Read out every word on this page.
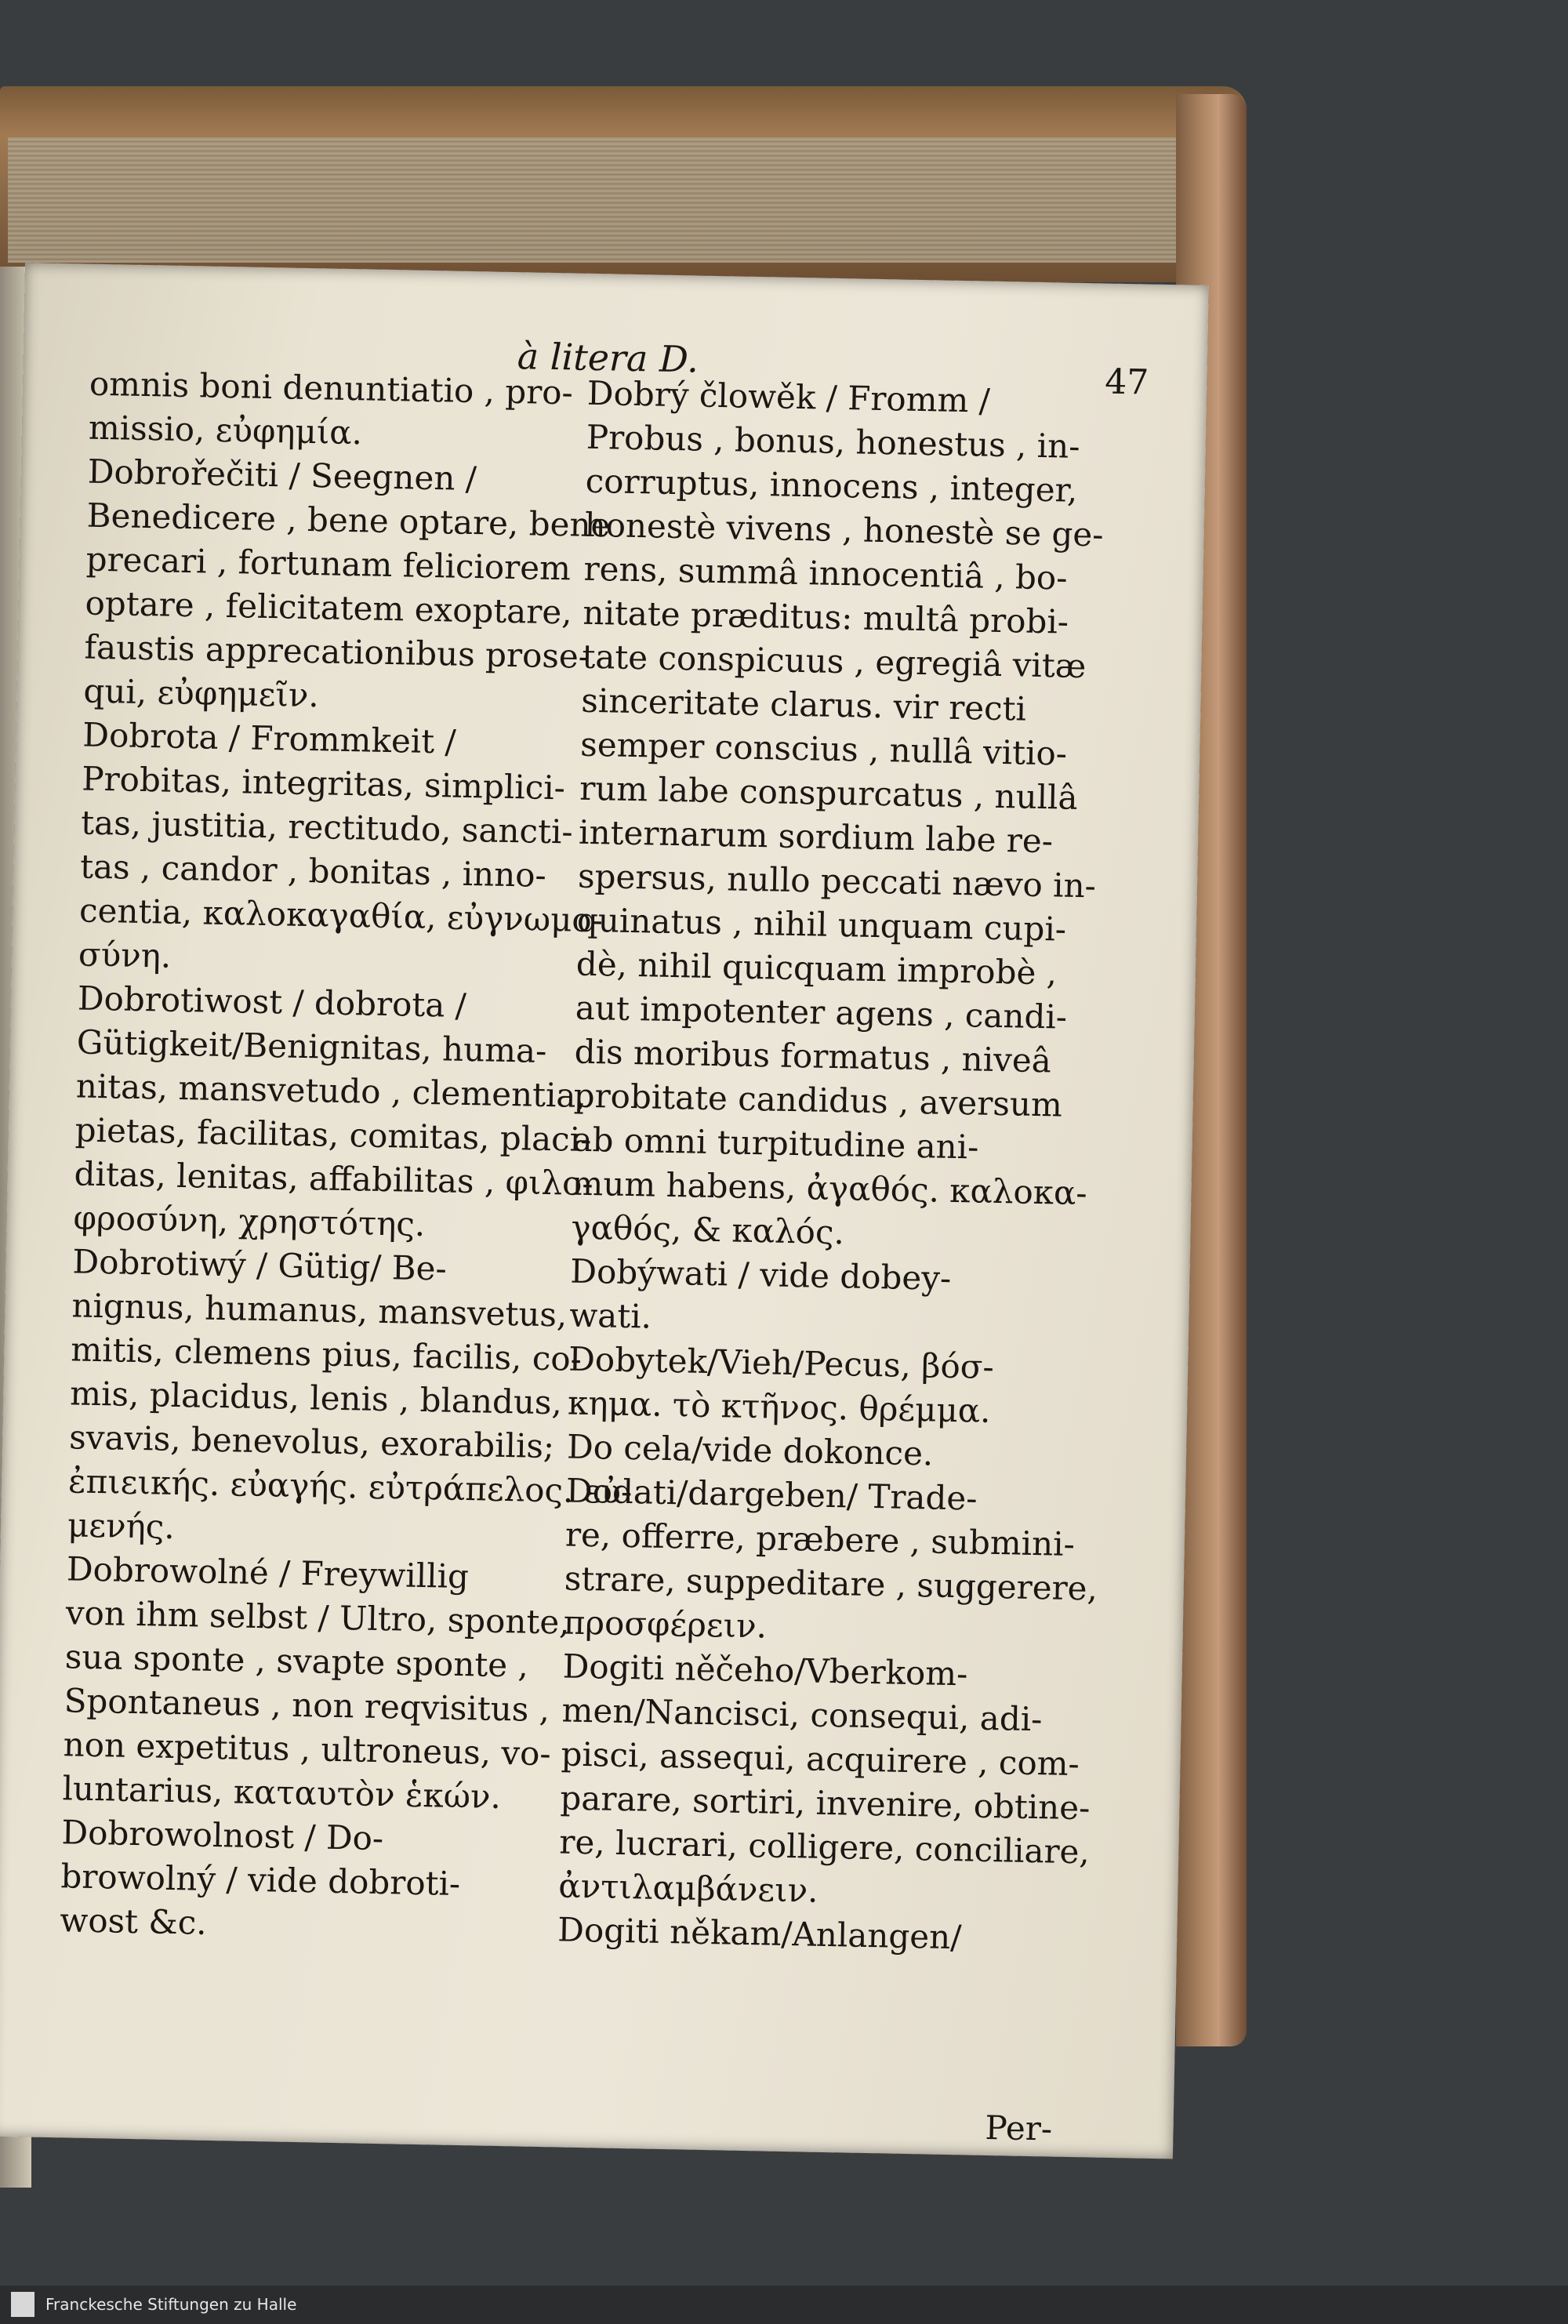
à litera D.
47
omnis boni denuntiatio , pro-
missio, εὐφημία.
Dobrořečiti / Seegnen /
Benedicere , bene optare, bene
precari , fortunam feliciorem
optare , felicitatem exoptare,
faustis apprecationibus prose-
qui, εὐφημεῖν.
Dobrota / Frommkeit /
Probitas, integritas, simplici-
tas, justitia, rectitudo, sancti-
tas , candor , bonitas , inno-
centia, καλοκαγαθία, εὐγνωμο-
σύνη.
Dobrotiwost / dobrota /
Gütigkeit/Benignitas, huma-
nitas, mansvetudo , clementia,
pietas, facilitas, comitas, placi-
ditas, lenitas, affabilitas , φιλο-
φροσύνη, χρηστότης.
Dobrotiwý / Gütig/ Be-
nignus, humanus, mansvetus,
mitis, clemens pius, facilis, co-
mis, placidus, lenis , blandus,
svavis, benevolus, exorabilis;
ἐπιεικής. εὐαγής. εὐτράπελος. εὐ-
μενής.
Dobrowolné / Freywillig
von ihm selbst / Ultro, sponte,
sua sponte , svapte sponte ,
Spontaneus , non reqvisitus ,
non expetitus , ultroneus, vo-
luntarius, καταυτὸν ἑκών.
Dobrowolnost / Do-
browolný / vide dobroti-
wost &c.
Dobrý člowěk / Fromm /
Probus , bonus, honestus , in-
corruptus, innocens , integer,
honestè vivens , honestè se ge-
rens, summâ innocentiâ , bo-
nitate præditus: multâ probi-
tate conspicuus , egregiâ vitæ
sinceritate clarus. vir recti
semper conscius , nullâ vitio-
rum labe conspurcatus , nullâ
internarum sordium labe re-
spersus, nullo peccati nævo in-
quinatus , nihil unquam cupi-
dè, nihil quicquam improbè ,
aut impotenter agens , candi-
dis moribus formatus , niveâ
probitate candidus , aversum
ab omni turpitudine ani-
mum habens, ἀγαθός. καλοκα-
γαθός, & καλός.
Dobýwati / vide dobey-
wati.
Dobytek/Vieh/Pecus, βόσ-
κημα. τὸ κτῆνος. θρέμμα.
Do cela/vide dokonce.
Dodati/dargeben/ Trade-
re, offerre, præbere , submini-
strare, suppeditare , suggerere,
προσφέρειν.
Dogiti něčeho/Vberkom-
men/Nancisci, consequi, adi-
pisci, assequi, acquirere , com-
parare, sortiri, invenire, obtine-
re, lucrari, colligere, conciliare,
ἀντιλαμβάνειν.
Dogiti někam/Anlangen/
Per-
Franckesche Stiftungen zu Halle
